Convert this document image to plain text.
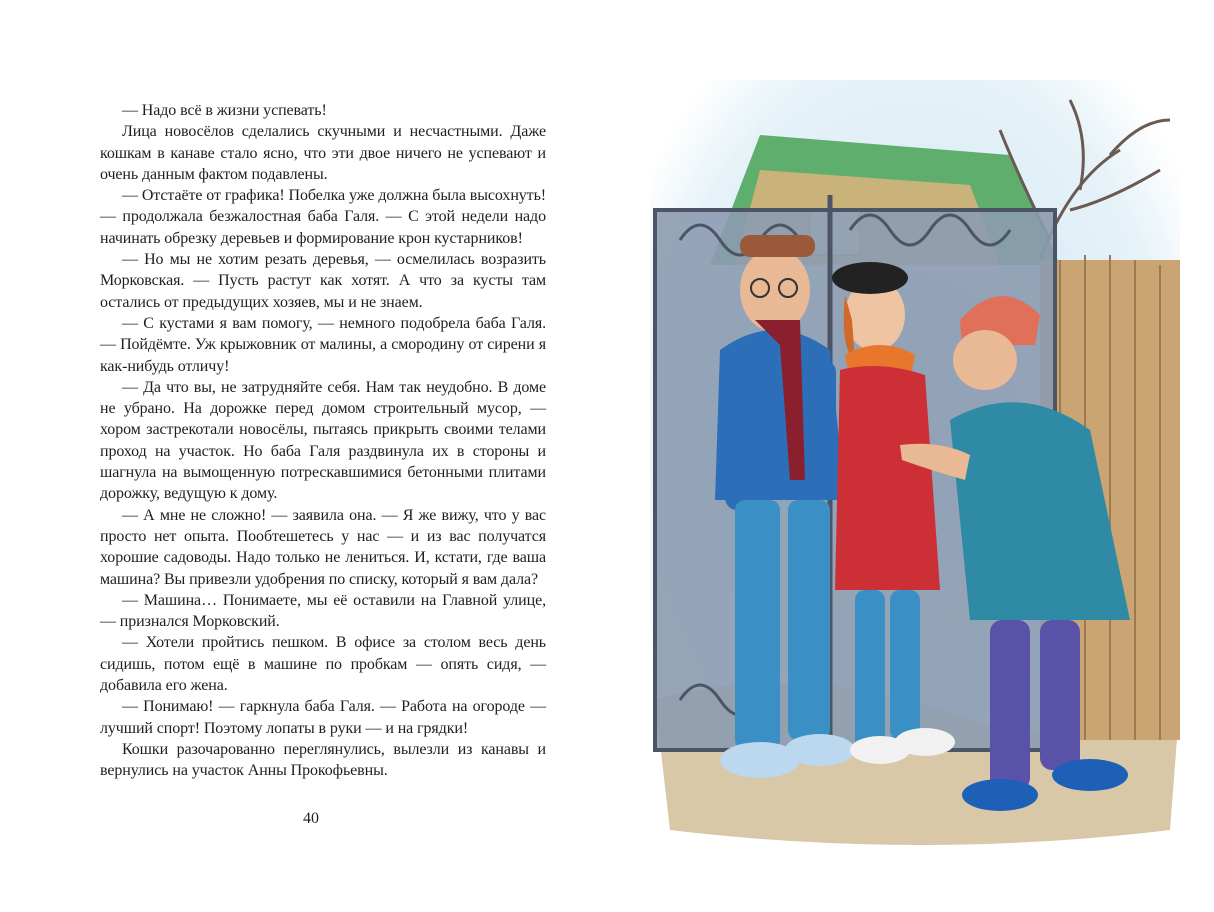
— Надо всё в жизни успевать!

Лица новосёлов сделались скучными и несчастными. Даже кошкам в канаве стало ясно, что эти двое ничего не успевают и очень данным фактом подавлены.

— Отстаёте от графика! Побелка уже должна была высохнуть! — продолжала безжалостная баба Галя. — С этой недели надо начинать обрезку деревьев и формирование крон кустарников!

— Но мы не хотим резать деревья, — осмелилась возразить Морковская. — Пусть растут как хотят. А что за кусты там остались от предыдущих хозяев, мы и не знаем.

— С кустами я вам помогу, — немного подобрела баба Галя. — Пойдёмте. Уж крыжовник от малины, а смородину от сирени я как-нибудь отличу!

— Да что вы, не затрудняйте себя. Нам так неудобно. В доме не убрано. На дорожке перед домом строительный мусор, — хором застрекотали новосёлы, пытаясь прикрыть своими телами проход на участок. Но баба Галя раздвинула их в стороны и шагнула на вымощенную потрескавшимися бетонными плитами дорожку, ведущую к дому.

— А мне не сложно! — заявила она. — Я же вижу, что у вас просто нет опыта. Пообтешетесь у нас — и из вас получатся хорошие садоводы. Надо только не лениться. И, кстати, где ваша машина? Вы привезли удобрения по списку, который я вам дала?

— Машина… Понимаете, мы её оставили на Главной улице, — признался Морковский.

— Хотели пройтись пешком. В офисе за столом весь день сидишь, потом ещё в машине по пробкам — опять сидя, — добавила его жена.

— Понимаю! — гаркнула баба Галя. — Работа на огороде — лучший спорт! Поэтому лопаты в руки — и на грядки!

Кошки разочарованно переглянулись, вылезли из канавы и вернулись на участок Анны Прокофьевны.

40
